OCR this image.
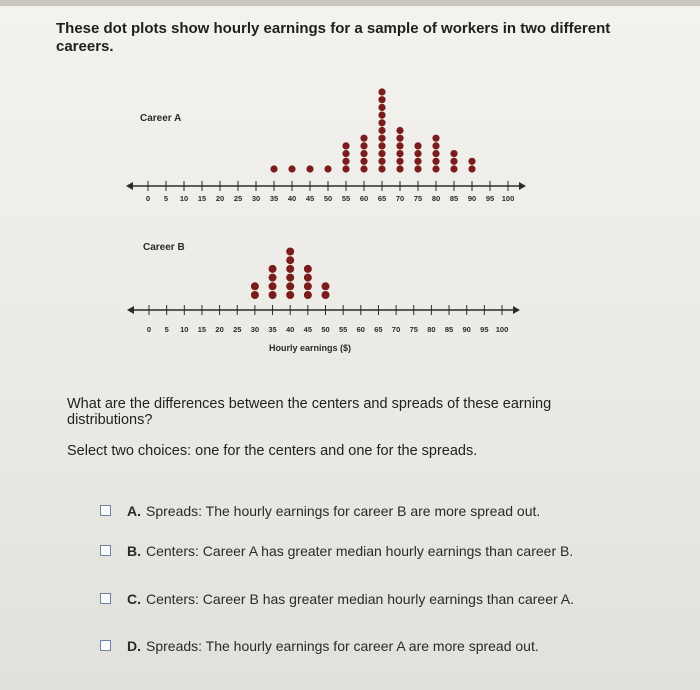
These dot plots show hourly earnings for a sample of workers in two different careers.
Career A
0 5 10 15 20 25 30 35 40 45 50 55 60 65 70 75 80 85 90 95 100
Career B
Hourly earnings ($)
0 5 10 15 20 25 30 35 40 45 50 55 60 65 70 75 80 85 90 95 100
What are the differences between the centers and spreads of these earning distributions?
Select two choices: one for the centers and one for the spreads.
A. Spreads: The hourly earnings for career B are more spread out.
B. Centers: Career A has greater median hourly earnings than career B.
C. Centers: Career B has greater median hourly earnings than career A.
D. Spreads: The hourly earnings for career A are more spread out.
